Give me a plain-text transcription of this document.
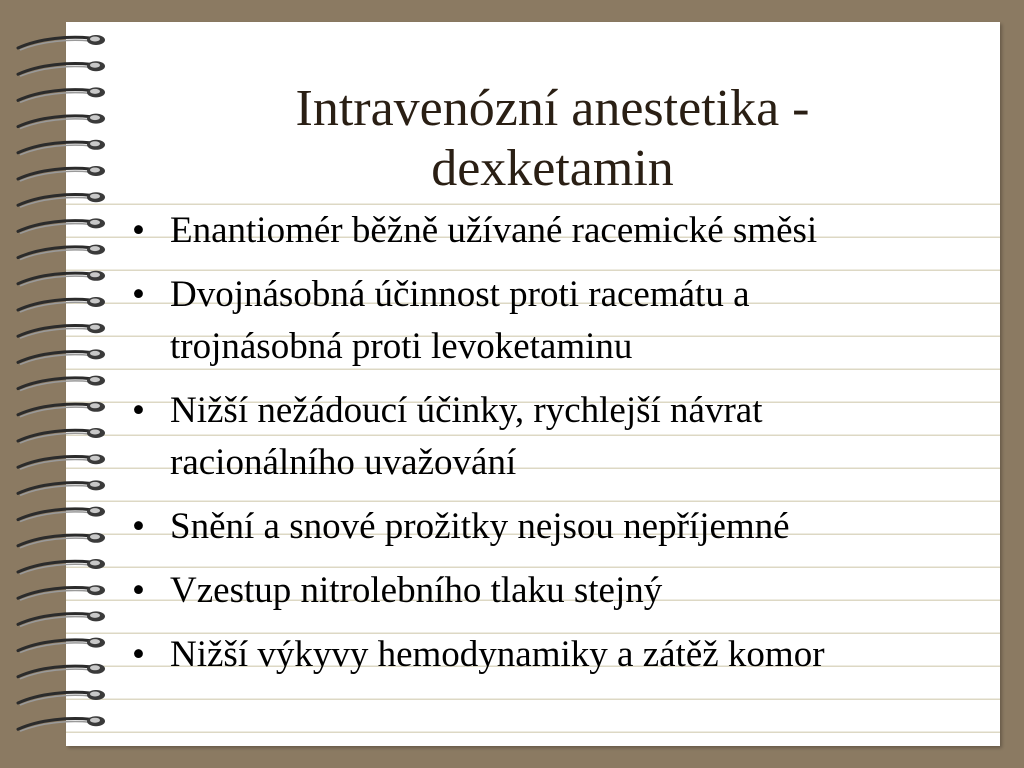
Intravenózní anestetika -
dexketamin
• Enantiomér běžně užívané racemické směsi
• Dvojnásobná účinnost proti racemátu a
trojnásobná proti levoketaminu
• Nižší nežádoucí účinky, rychlejší návrat
racionálního uvažování
• Snění a snové prožitky nejsou nepříjemné
• Vzestup nitrolebního tlaku stejný
• Nižší výkyvy hemodynamiky a zátěž komor
